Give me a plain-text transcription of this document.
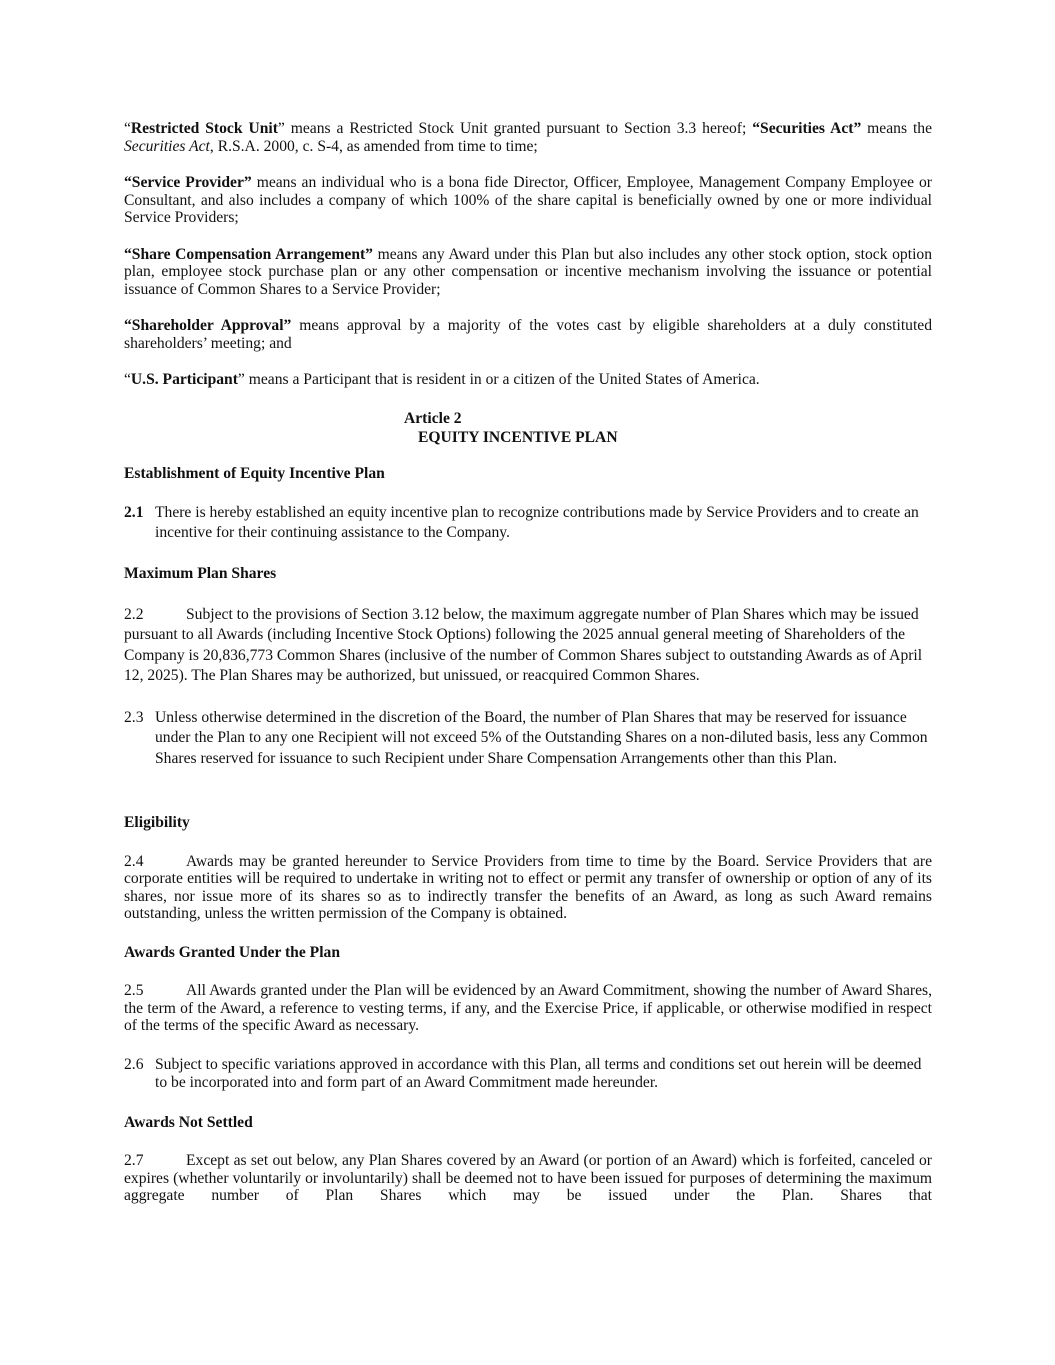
“Restricted Stock Unit” means a Restricted Stock Unit granted pursuant to Section 3.3 hereof; “Securities Act” means the Securities Act, R.S.A. 2000, c. S-4, as amended from time to time;

“Service Provider” means an individual who is a bona fide Director, Officer, Employee, Management Company Employee or Consultant, and also includes a company of which 100% of the share capital is beneficially owned by one or more individual Service Providers;

“Share Compensation Arrangement” means any Award under this Plan but also includes any other stock option, stock option plan, employee stock purchase plan or any other compensation or incentive mechanism involving the issuance or potential issuance of Common Shares to a Service Provider;

“Shareholder Approval” means approval by a majority of the votes cast by eligible shareholders at a duly constituted shareholders’ meeting; and

“U.S. Participant” means a Participant that is resident in or a citizen of the United States of America.

Article 2
EQUITY INCENTIVE PLAN

Establishment of Equity Incentive Plan

2.1 There is hereby established an equity incentive plan to recognize contributions made by Service Providers and to create an incentive for their continuing assistance to the Company.

Maximum Plan Shares

2.2	Subject to the provisions of Section 3.12 below, the maximum aggregate number of Plan Shares which may be issued pursuant to all Awards (including Incentive Stock Options) following the 2025 annual general meeting of Shareholders of the Company is 20,836,773 Common Shares (inclusive of the number of Common Shares subject to outstanding Awards as of April 12, 2025). The Plan Shares may be authorized, but unissued, or reacquired Common Shares.

2.3 Unless otherwise determined in the discretion of the Board, the number of Plan Shares that may be reserved for issuance under the Plan to any one Recipient will not exceed 5% of the Outstanding Shares on a non-diluted basis, less any Common Shares reserved for issuance to such Recipient under Share Compensation Arrangements other than this Plan.

Eligibility

2.4	Awards may be granted hereunder to Service Providers from time to time by the Board. Service Providers that are corporate entities will be required to undertake in writing not to effect or permit any transfer of ownership or option of any of its shares, nor issue more of its shares so as to indirectly transfer the benefits of an Award, as long as such Award remains outstanding, unless the written permission of the Company is obtained.

Awards Granted Under the Plan

2.5	All Awards granted under the Plan will be evidenced by an Award Commitment, showing the number of Award Shares, the term of the Award, a reference to vesting terms, if any, and the Exercise Price, if applicable, or otherwise modified in respect of the terms of the specific Award as necessary.

2.6 Subject to specific variations approved in accordance with this Plan, all terms and conditions set out herein will be deemed to be incorporated into and form part of an Award Commitment made hereunder.

Awards Not Settled

2.7	Except as set out below, any Plan Shares covered by an Award (or portion of an Award) which is forfeited, canceled or expires (whether voluntarily or involuntarily) shall be deemed not to have been issued for purposes of determining the maximum aggregate number of Plan Shares which may be issued under the Plan. Shares that
